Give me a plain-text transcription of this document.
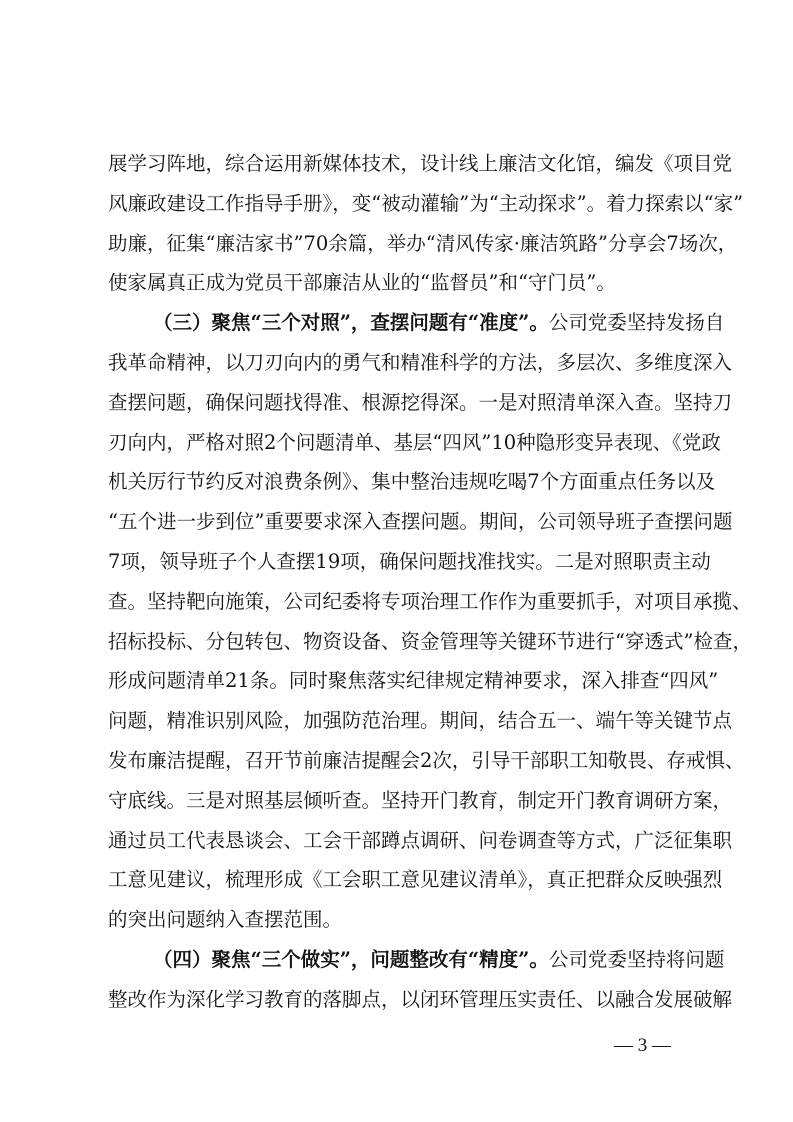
展学习阵地，综合运用新媒体技术，设计线上廉洁文化馆，编发《项目党
风廉政建设工作指导手册》，变“被动灌输”为“主动探求”。着力探索以“家”
助廉，征集“廉洁家书”70余篇，举办“清风传家·廉洁筑路”分享会7场次，
使家属真正成为党员干部廉洁从业的“监督员”和“守门员”。
（三）聚焦“三个对照”，查摆问题有“准度”。公司党委坚持发扬自
我革命精神，以刀刃向内的勇气和精准科学的方法，多层次、多维度深入
查摆问题，确保问题找得准、根源挖得深。一是对照清单深入查。坚持刀
刃向内，严格对照2个问题清单、基层“四风”10种隐形变异表现、《党政
机关厉行节约反对浪费条例》、集中整治违规吃喝7个方面重点任务以及
“五个进一步到位”重要要求深入查摆问题。期间，公司领导班子查摆问题
7项，领导班子个人查摆19项，确保问题找准找实。二是对照职责主动
查。坚持靶向施策，公司纪委将专项治理工作作为重要抓手，对项目承揽、
招标投标、分包转包、物资设备、资金管理等关键环节进行“穿透式”检查，
形成问题清单21条。同时聚焦落实纪律规定精神要求，深入排查“四风”
问题，精准识别风险，加强防范治理。期间，结合五一、端午等关键节点
发布廉洁提醒，召开节前廉洁提醒会2次，引导干部职工知敬畏、存戒惧、
守底线。三是对照基层倾听查。坚持开门教育，制定开门教育调研方案，
通过员工代表恳谈会、工会干部蹲点调研、问卷调查等方式，广泛征集职
工意见建议，梳理形成《工会职工意见建议清单》，真正把群众反映强烈
的突出问题纳入查摆范围。
（四）聚焦“三个做实”，问题整改有“精度”。公司党委坚持将问题
整改作为深化学习教育的落脚点，以闭环管理压实责任、以融合发展破解
— 3 —
